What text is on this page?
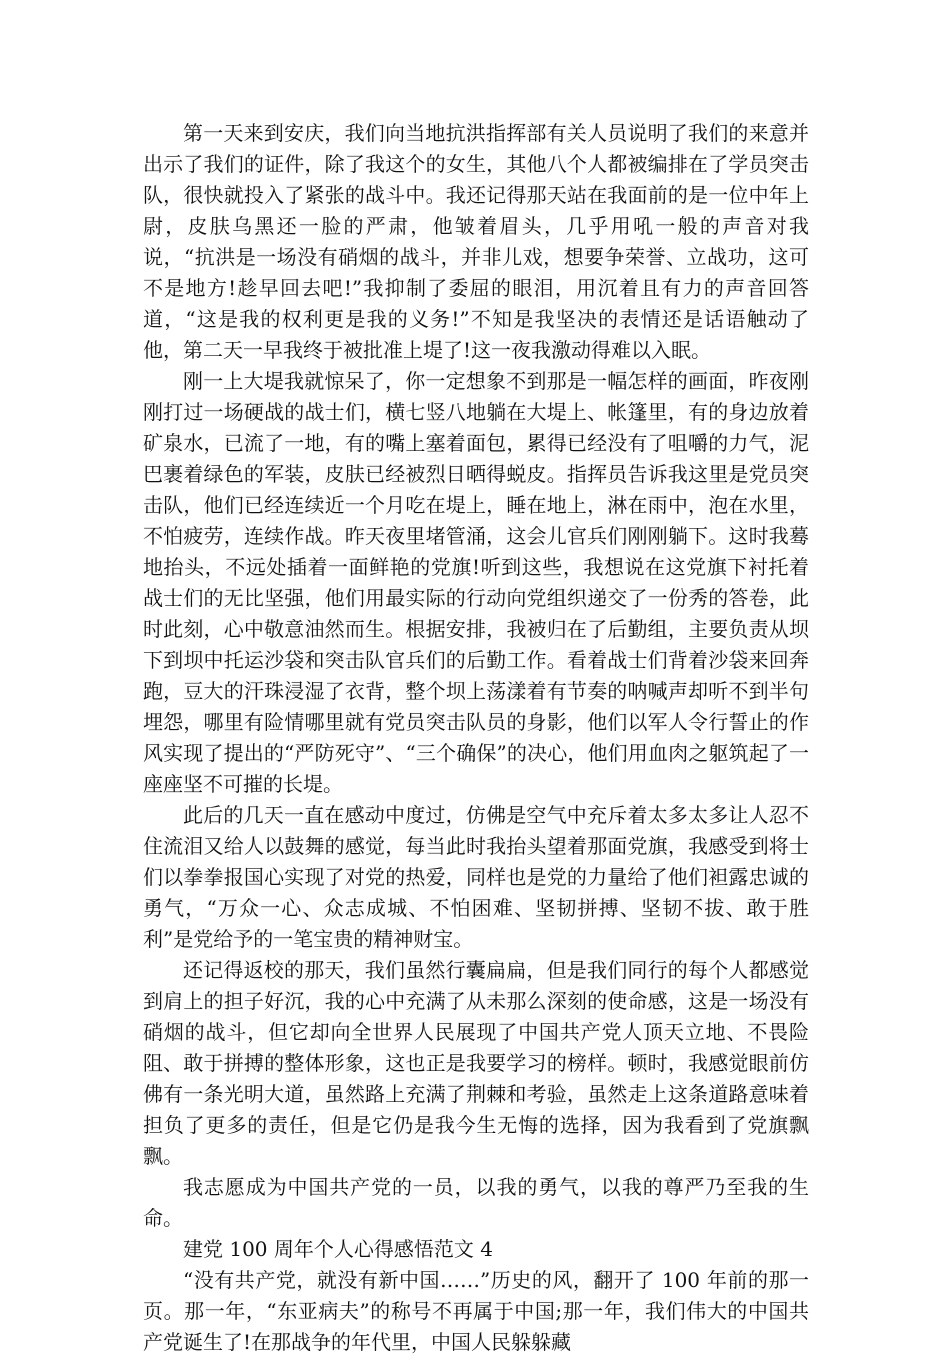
第一天来到安庆，我们向当地抗洪指挥部有关人员说明了我们的来意并出示了我们的证件，除了我这个的女生，其他八个人都被编排在了学员突击队，很快就投入了紧张的战斗中。我还记得那天站在我面前的是一位中年上尉，皮肤乌黑还一脸的严肃，他皱着眉头，几乎用吼一般的声音对我说，“抗洪是一场没有硝烟的战斗，并非儿戏，想要争荣誉、立战功，这可不是地方!趁早回去吧!”我抑制了委屈的眼泪，用沉着且有力的声音回答道，“这是我的权利更是我的义务!”不知是我坚决的表情还是话语触动了他，第二天一早我终于被批准上堤了!这一夜我激动得难以入眠。

刚一上大堤我就惊呆了，你一定想象不到那是一幅怎样的画面，昨夜刚刚打过一场硬战的战士们，横七竖八地躺在大堤上、帐篷里，有的身边放着矿泉水，已流了一地，有的嘴上塞着面包，累得已经没有了咀嚼的力气，泥巴裹着绿色的军装，皮肤已经被烈日晒得蜕皮。指挥员告诉我这里是党员突击队，他们已经连续近一个月吃在堤上，睡在地上，淋在雨中，泡在水里，不怕疲劳，连续作战。昨天夜里堵管涌，这会儿官兵们刚刚躺下。这时我蓦地抬头，不远处插着一面鲜艳的党旗!听到这些，我想说在这党旗下衬托着战士们的无比坚强，他们用最实际的行动向党组织递交了一份秀的答卷，此时此刻，心中敬意油然而生。根据安排，我被归在了后勤组，主要负责从坝下到坝中托运沙袋和突击队官兵们的后勤工作。看着战士们背着沙袋来回奔跑，豆大的汗珠浸湿了衣背，整个坝上荡漾着有节奏的呐喊声却听不到半句埋怨，哪里有险情哪里就有党员突击队员的身影，他们以军人令行誓止的作风实现了提出的“严防死守”、“三个确保”的决心，他们用血肉之躯筑起了一座座坚不可摧的长堤。

此后的几天一直在感动中度过，仿佛是空气中充斥着太多太多让人忍不住流泪又给人以鼓舞的感觉，每当此时我抬头望着那面党旗，我感受到将士们以拳拳报国心实现了对党的热爱，同样也是党的力量给了他们袒露忠诚的勇气，“万众一心、众志成城、不怕困难、坚韧拼搏、坚韧不拔、敢于胜利”是党给予的一笔宝贵的精神财宝。

还记得返校的那天，我们虽然行囊扁扁，但是我们同行的每个人都感觉到肩上的担子好沉，我的心中充满了从未那么深刻的使命感，这是一场没有硝烟的战斗，但它却向全世界人民展现了中国共产党人顶天立地、不畏险阻、敢于拼搏的整体形象，这也正是我要学习的榜样。顿时，我感觉眼前仿佛有一条光明大道，虽然路上充满了荆棘和考验，虽然走上这条道路意味着担负了更多的责任，但是它仍是我今生无悔的选择，因为我看到了党旗飘飘。

我志愿成为中国共产党的一员，以我的勇气，以我的尊严乃至我的生命。

建党 100 周年个人心得感悟范文 4

“没有共产党，就没有新中国……”历史的风，翻开了 100 年前的那一页。那一年，“东亚病夫”的称号不再属于中国;那一年，我们伟大的中国共产党诞生了!在那战争的年代里，中国人民躲躲藏
